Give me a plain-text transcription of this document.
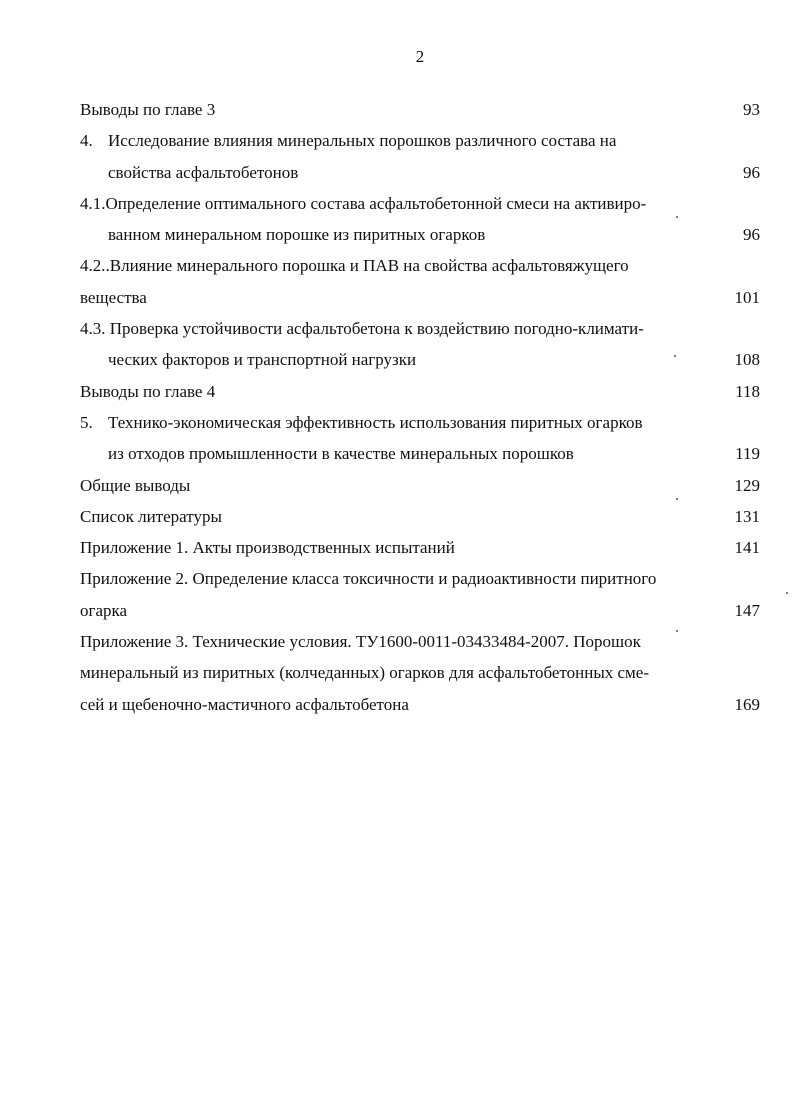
2
Выводы по главе 3	93
4. Исследование влияния минеральных порошков различного состава на
свойства асфальтобетонов	96
4.1.Определение оптимального состава асфальтобетонной смеси на активиро-
ванном минеральном порошке из пиритных огарков	96
4.2..Влияние минерального порошка и ПАВ на свойства асфальтовяжущего
вещества	101
4.3. Проверка устойчивости асфальтобетона к воздействию погодно-климати-
ческих факторов и транспортной нагрузки	108
Выводы по главе 4	118
5. Технико-экономическая эффективность использования пиритных огарков
из отходов промышленности в качестве минеральных порошков	119
Общие выводы	129
Список литературы	131
Приложение 1. Акты производственных испытаний	141
Приложение 2. Определение класса токсичности и радиоактивности пиритного
огарка	147
Приложение 3. Технические условия. ТУ1600-0011-03433484-2007. Порошок
минеральный из пиритных (колчеданных) огарков для асфальтобетонных сме-
сей и щебеночно-мастичного асфальтобетона	169
